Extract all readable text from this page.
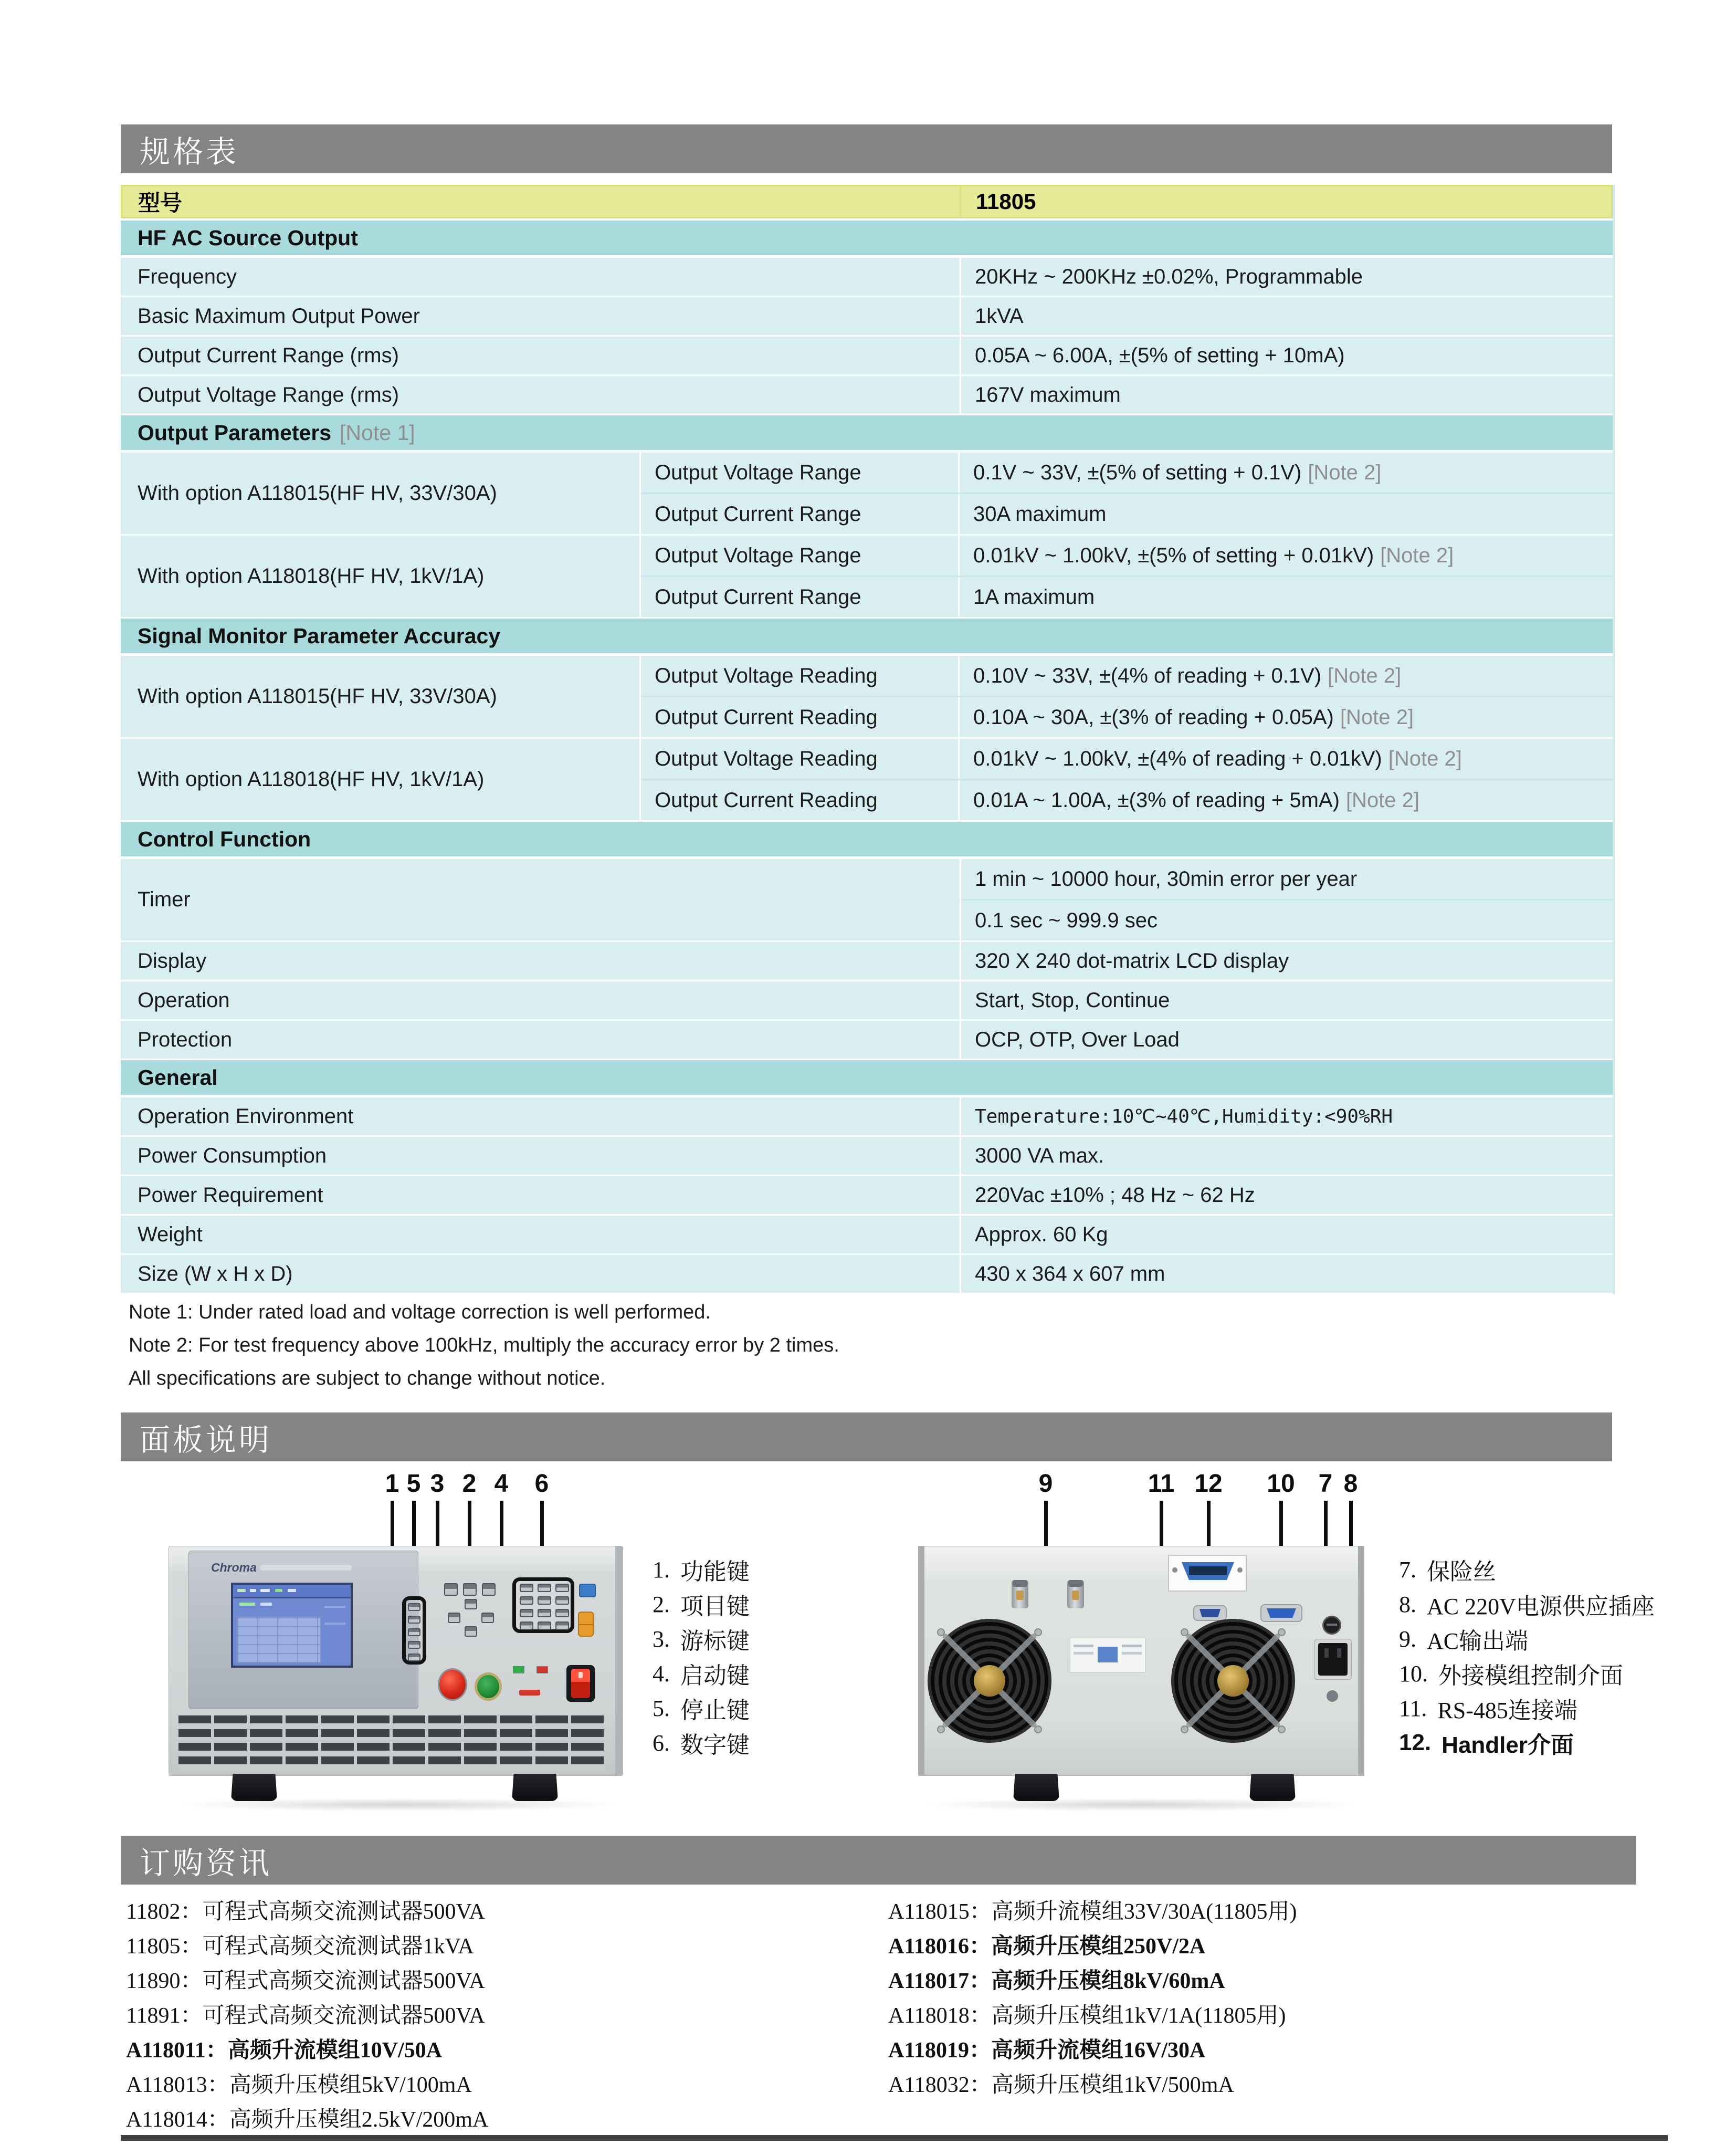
规格表
型号	11805
HF AC Source Output
Frequency	20KHz ~ 200KHz ±0.02%, Programmable
Basic Maximum Output Power	1kVA
Output Current Range (rms)	0.05A ~ 6.00A, ±(5% of setting + 10mA)
Output Voltage Range (rms)	167V maximum
Output Parameters [Note 1]
With option A118015(HF HV, 33V/30A)
Output Voltage Range	0.1V ~ 33V, ±(5% of setting + 0.1V) [Note 2]
Output Current Range	30A maximum
With option A118018(HF HV, 1kV/1A)
Output Voltage Range	0.01kV ~ 1.00kV, ±(5% of setting + 0.01kV) [Note 2]
Output Current Range	1A maximum
Signal Monitor Parameter Accuracy
With option A118015(HF HV, 33V/30A)
Output Voltage Reading	0.10V ~ 33V, ±(4% of reading + 0.1V) [Note 2]
Output Current Reading	0.10A ~ 30A, ±(3% of reading + 0.05A) [Note 2]
With option A118018(HF HV, 1kV/1A)
Output Voltage Reading	0.01kV ~ 1.00kV, ±(4% of reading + 0.01kV) [Note 2]
Output Current Reading	0.01A ~ 1.00A, ±(3% of reading + 5mA) [Note 2]
Control Function
Timer
1 min ~ 10000 hour, 30min error per year
0.1 sec ~ 999.9 sec
Display	320 X 240 dot-matrix LCD display
Operation	Start, Stop, Continue
Protection	OCP, OTP, Over Load
General
Operation Environment	Temperature:10℃~40℃,Humidity:<90%RH
Power Consumption	3000 VA max.
Power Requirement	220Vac ±10% ; 48 Hz ~ 62 Hz
Weight	Approx. 60 Kg
Size (W x H x D)	430 x 364 x 607 mm
Note 1: Under rated load and voltage correction is well performed.
Note 2: For test frequency above 100kHz, multiply the accuracy error by 2 times.
All specifications are subject to change without notice.
面板说明
1 5 3 2 4 6	9	11 12 10 7 8
Chroma	1. 功能键
2. 项目键
3. 游标键
4. 启动键
5. 停止键
6. 数字键
7. 保险丝
8. AC 220V电源供应插座
9. AC输出端
10. 外接模组控制介面
11. RS-485连接端
12. Handler介面
订购资讯
11802：可程式高频交流测试器500VA
11805：可程式高频交流测试器1kVA
11890：可程式高频交流测试器500VA
11891：可程式高频交流测试器500VA
A118011：高频升流模组10V/50A
A118013：高频升压模组5kV/100mA
A118014：高频升压模组2.5kV/200mA
A118015：高频升流模组33V/30A(11805用)
A118016：高频升压模组250V/2A
A118017：高频升压模组8kV/60mA
A118018：高频升压模组1kV/1A(11805用)
A118019：高频升流模组16V/30A
A118032：高频升压模组1kV/500mA
